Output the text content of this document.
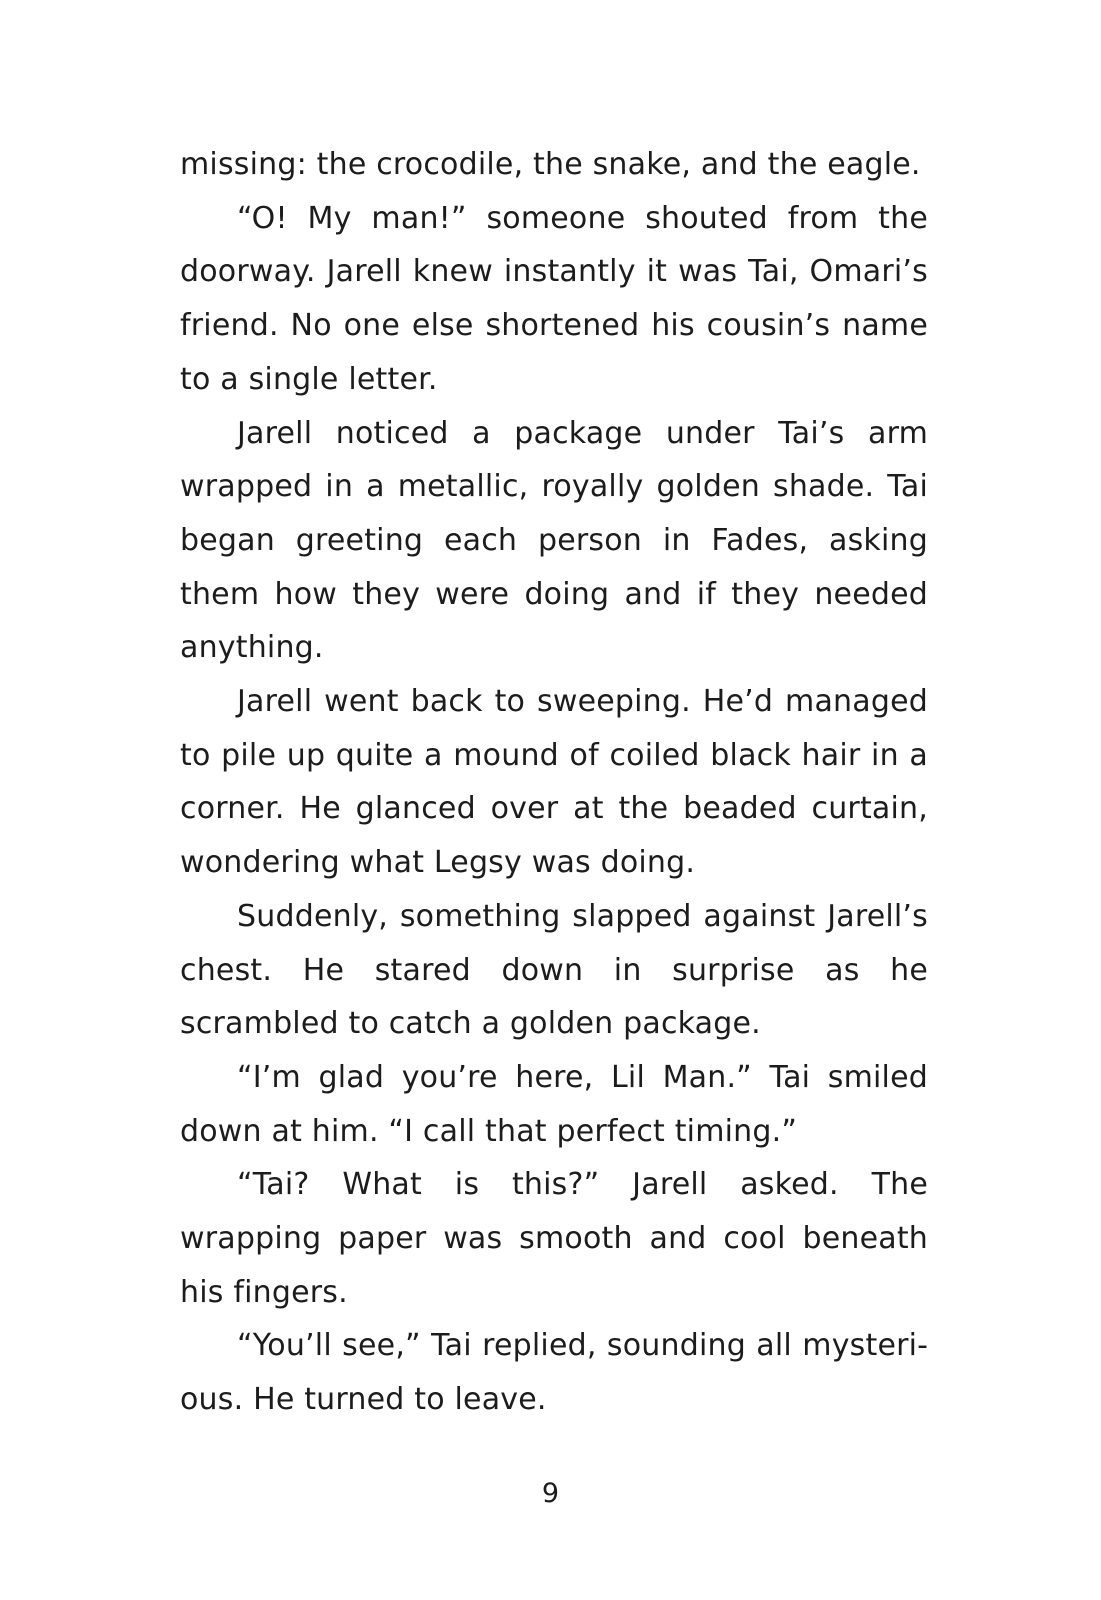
missing: the crocodile, the snake, and the eagle.

“O! My man!” someone shouted from the doorway. Jarell knew instantly it was Tai, Omari’s friend. No one else shortened his cousin’s name to a single letter.

Jarell noticed a package under Tai’s arm wrapped in a metallic, royally golden shade. Tai began greeting each person in Fades, asking them how they were doing and if they needed anything.

Jarell went back to sweeping. He’d managed to pile up quite a mound of coiled black hair in a corner. He glanced over at the beaded curtain, wondering what Legsy was doing.

Suddenly, something slapped against Jarell’s chest. He stared down in surprise as he scrambled to catch a golden package.

“I’m glad you’re here, Lil Man.” Tai smiled down at him. “I call that perfect timing.”

“Tai? What is this?” Jarell asked. The wrapping paper was smooth and cool beneath his fingers.

“You’ll see,” Tai replied, sounding all mysterious. He turned to leave.

9
